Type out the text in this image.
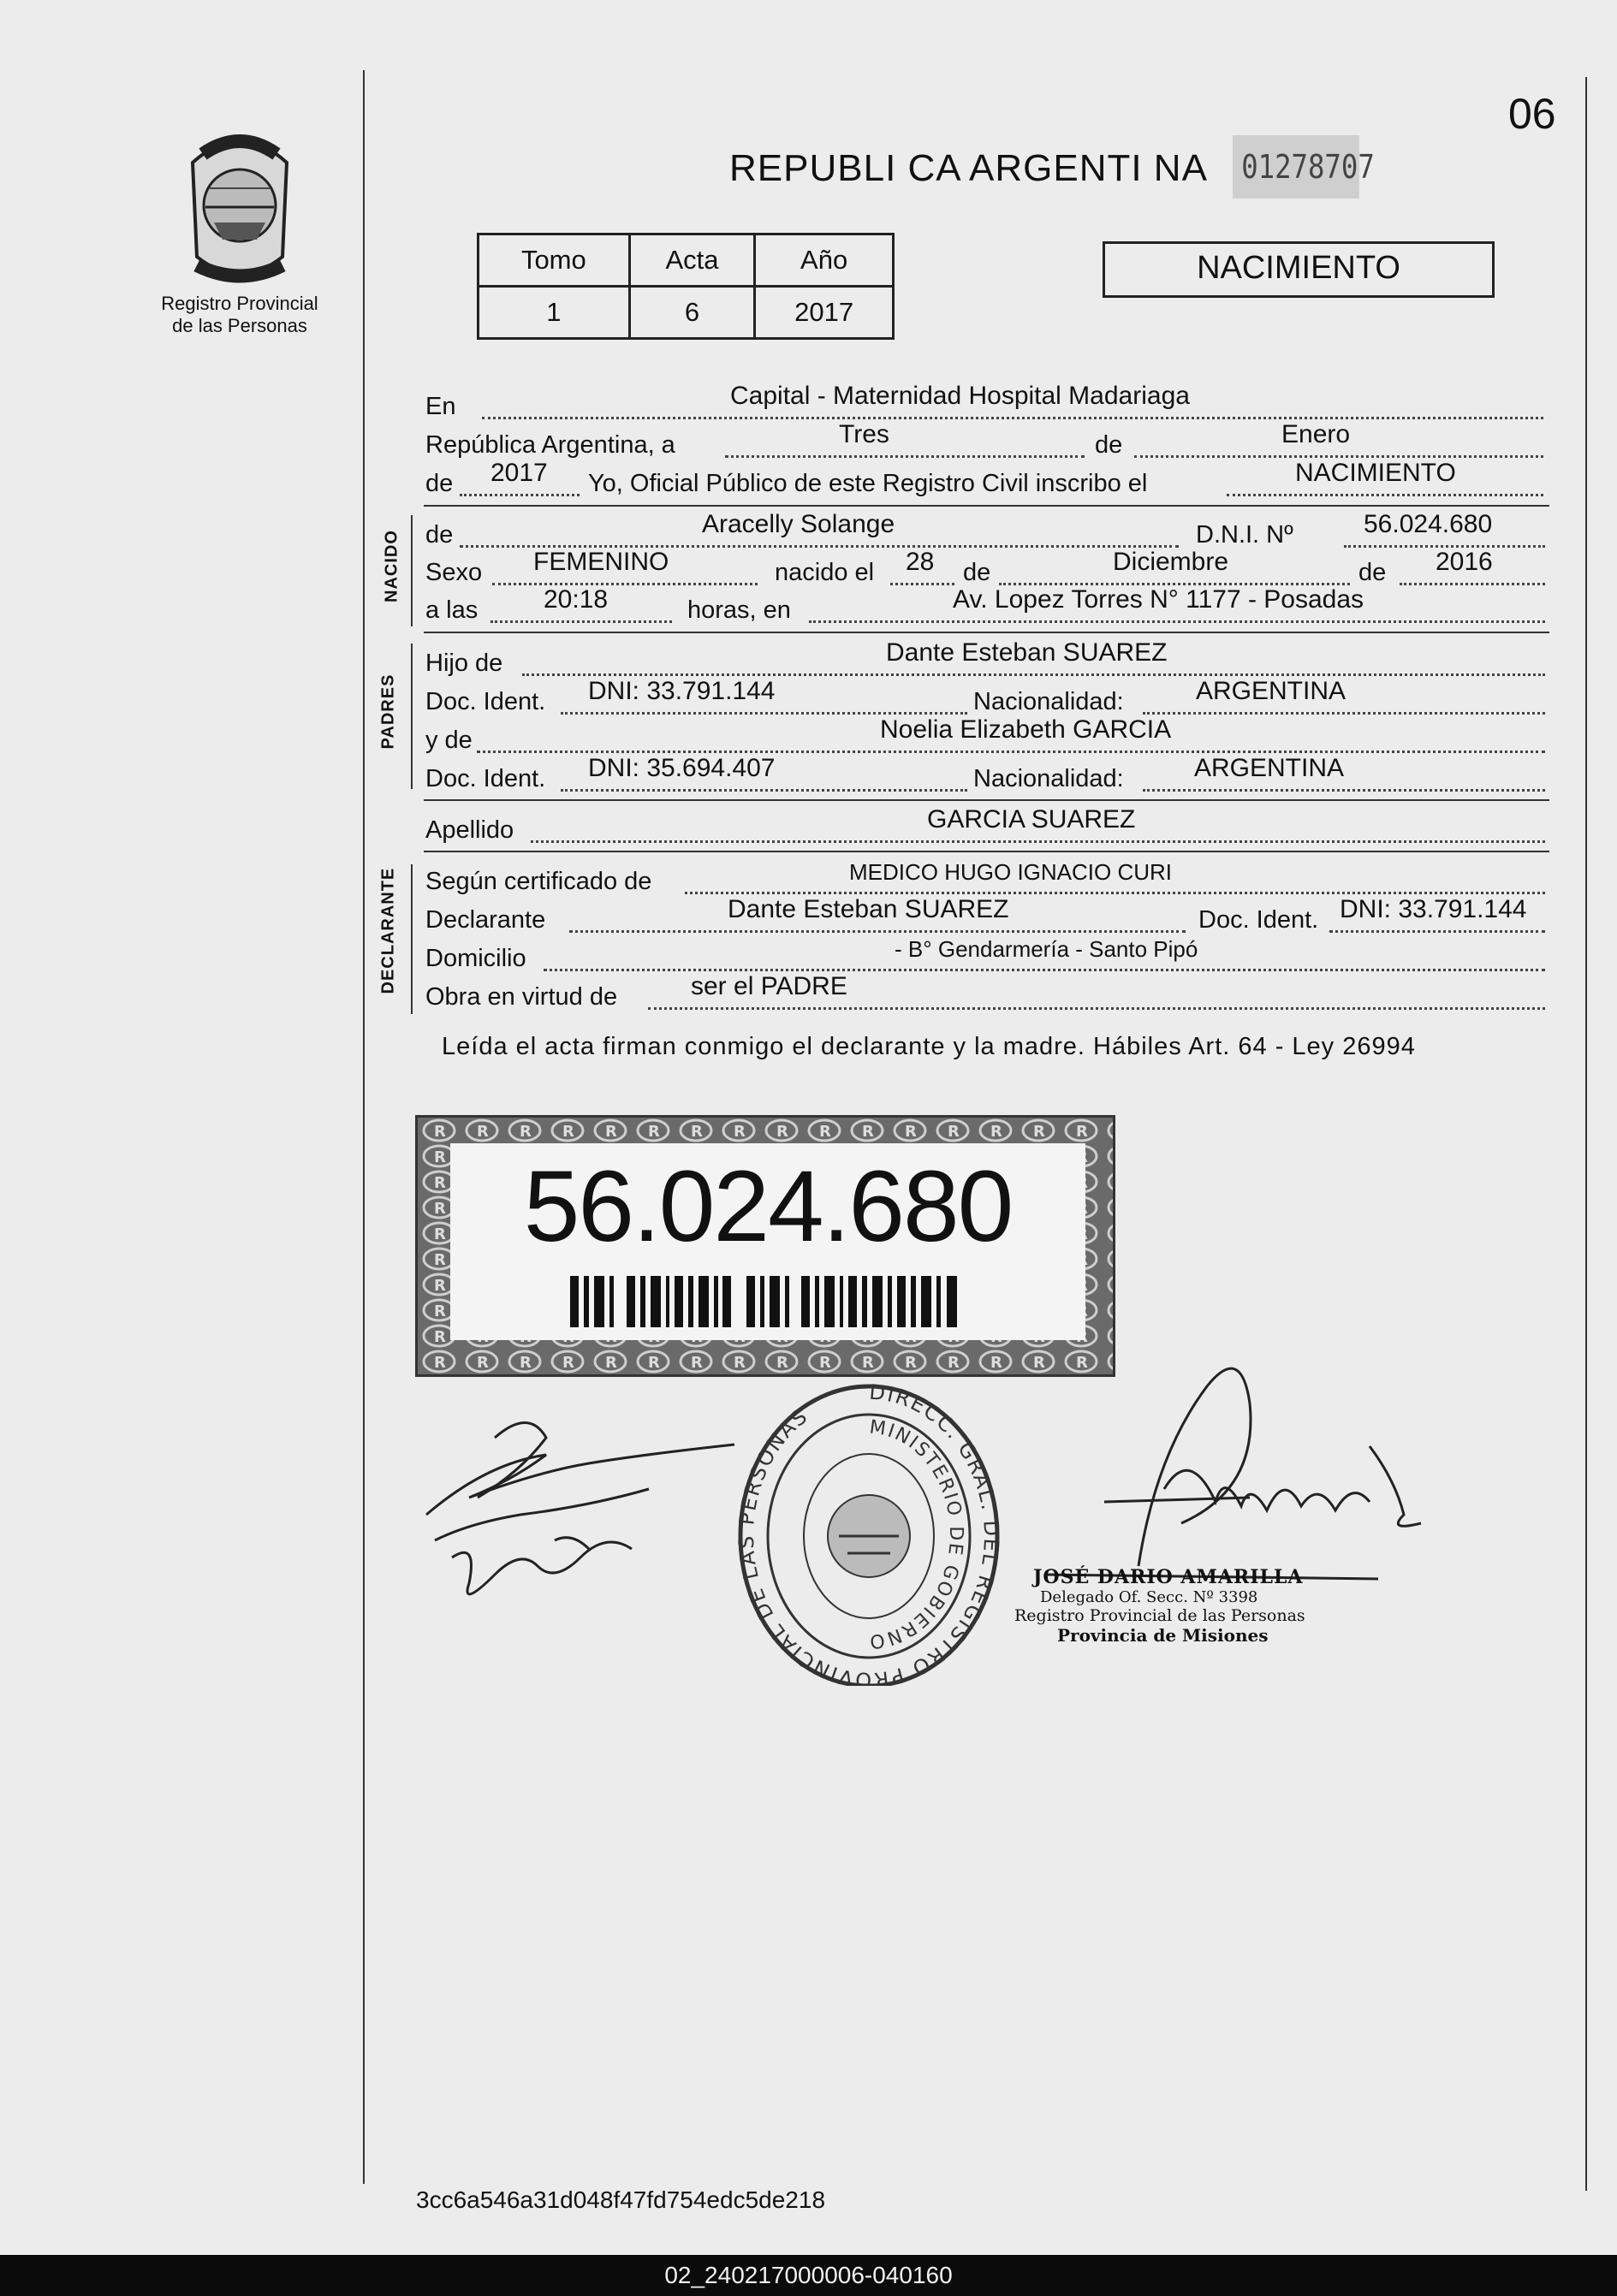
06
Registro Provincial
de las Personas
REPUBLI CA ARGENTI NA 01278707
Tomo	Acta	Año
1	6	2017
NACIMIENTO
En	Capital - Maternidad Hospital Madariaga
República Argentina, a	Tres	de	Enero
de 2017 Yo, Oficial Público de este Registro Civil inscribo el	NACIMIENTO
NACIDO de	Aracelly Solange	D.N.I. Nº	56.024.680
Sexo FEMENINO	nacido el 28 de	Diciembre	de 2016
a las	20:18	horas, en	Av. Lopez Torres N° 1177 - Posadas
PADRES
Hijo de	Dante Esteban SUAREZ
Doc. Ident. DNI: 33.791.144	Nacionalidad:	ARGENTINA
y de	Noelia Elizabeth GARCIA
Doc. Ident. DNI: 35.694.407	Nacionalidad:	ARGENTINA
Apellido	GARCIA SUAREZ
DECLARANTE Según certificado de	MEDICO HUGO IGNACIO CURI
Declarante	Dante Esteban SUAREZ	Doc. Ident. DNI: 33.791.144
Domicilio	- B° Gendarmería - Santo Pipó
Obra en virtud de	ser el PADRE
Leída el acta firman conmigo el declarante y la madre. Hábiles Art. 64 - Ley 26994
56.024.680
DIRECC. GRAL. DEL REGISTRO PROVINCIAL DE LAS PERSONAS	MINISTERIO DE GOBIERNO
JOSÉ DARIO AMARILLA
Delegado Of. Secc. Nº 3398
Registro Provincial de las Personas
Provincia de Misiones
3cc6a546a31d048f47fd754edc5de218
02_240217000006-040160
